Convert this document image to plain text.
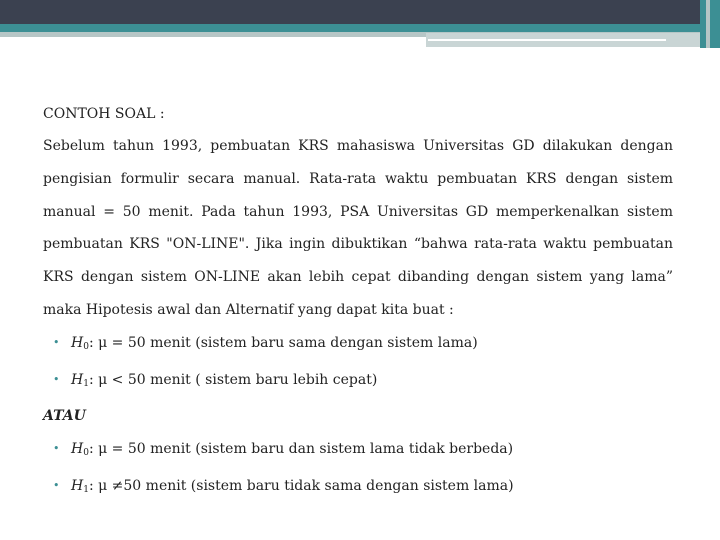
CONTOH SOAL :

Sebelum tahun 1993, pembuatan KRS mahasiswa Universitas GD dilakukan dengan pengisian formulir secara manual. Rata-rata waktu pembuatan KRS dengan sistem manual = 50 menit. Pada tahun 1993, PSA Universitas GD memperkenalkan sistem pembuatan KRS "ON-LINE". Jika ingin dibuktikan “bahwa rata-rata waktu pembuatan KRS dengan sistem ON-LINE akan lebih cepat dibanding dengan sistem yang lama” maka Hipotesis awal dan Alternatif yang dapat kita buat :

• $H_0$: μ = 50 menit (sistem baru sama dengan sistem lama)
• $H_1$: μ < 50 menit ( sistem baru lebih cepat)

ATAU

• $H_0$: μ = 50 menit (sistem baru dan sistem lama tidak berbeda)
• $H_1$: μ ≠50 menit (sistem baru tidak sama dengan sistem lama)
